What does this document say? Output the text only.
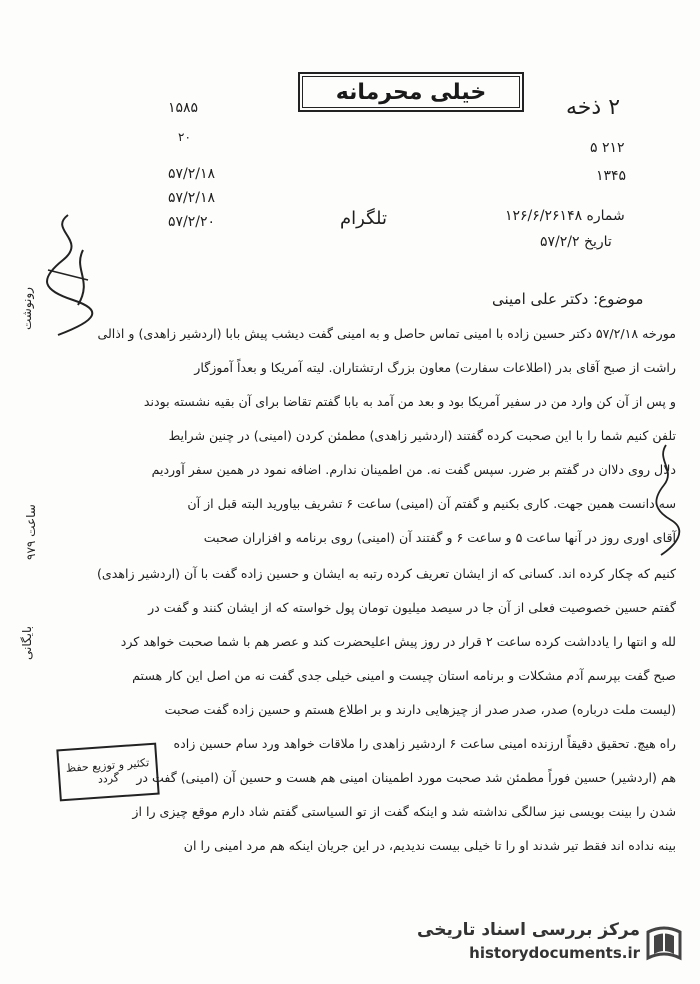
خیلی محرمانه
۲ ذخه
۱۵۸۵
۲۰
۵۷/۲/۱۸
۵۷/۲/۱۸
۵۷/۲/۲۰
۲۱۲ ۵
۱۳۴۵
شماره ۱۲۶/۶/۲۶۱۴۸
تاریخ ۵۷/۲/۲
تلگرام
موضوع: دکتر علی امینی
مورخه ۵۷/۲/۱۸ دکتر حسین زاده با امینی تماس حاصل و به امینی گفت دیشب پیش بابا (اردشیر زاهدی) و اذالی
راشت از صبح آقای بدر (اطلاعات سفارت) معاون بزرگ ارتشتاران. لیته آمریکا و بعداً آموزگار
و پس از آن کن وارد من در سفیر آمریکا بود و بعد من آمد به بابا گفتم تقاضا برای آن بقیه نشسته بودند
تلفن کنیم شما را با این صحبت کرده گفتند (اردشیر زاهدی) مطمئن کردن (امینی) در چنین شرایط
دلال روی دلاان در گفتم بر ضرر. سپس گفت نه. من اطمینان ندارم. اضافه نمود در همین سفر آوردیم
سه دانست همین جهت. کاری بکنیم و گفتم آن (امینی) ساعت ۶ تشریف بیاورید البته قبل از آن
آقای اوری روز در آنها ساعت ۵ و ساعت ۶ و گفتند آن (امینی) روی برنامه و افزاران صحبت
کنیم که چکار کرده اند. کسانی که از ایشان تعریف کرده رتبه به ایشان و حسین زاده گفت با آن (اردشیر زاهدی)
گفتم حسین خصوصیت فعلی از آن جا در سیصد میلیون تومان پول خواسته که از ایشان کنند و گفت در
لله و انتها را یادداشت کرده ساعت ۲ قرار در روز پیش اعلیحضرت کند و عصر هم با شما صحبت خواهد کرد
صبح گفت بپرسم آدم مشکلات و برنامه استان چیست و امینی خیلی جدی گفت نه من اصل این کار هستم
(لیست ملت درباره) صدر، صدر صدر از چیزهایی دارند و بر اطلاع هستم و حسین زاده گفت صحبت
راه هیچ. تحقیق دقیقاً ارزنده امینی ساعت ۶ اردشیر زاهدی را ملاقات خواهد ورد سام حسین زاده
هم (اردشیر) حسین فوراً مطمئن شد صحبت مورد اطمینان امینی هم هست و حسین آن (امینی) گفت در
شدن را بینت بویسی نیز سالگی نداشته شد و اینکه گفت از تو السیاستی گفتم شاد دارم موقع چیزی را از
بینه نداده اند فقط تیر شدند او را تا خیلی بیست ندیدیم، در این جریان اینکه هم مرد امینی را ان
رونوشت
ساعت ۹۷۹
بایگانی
تکثیر و توزیع حفظ گردد
مرکز بررسی اسناد تاریخی
historydocuments.ir
